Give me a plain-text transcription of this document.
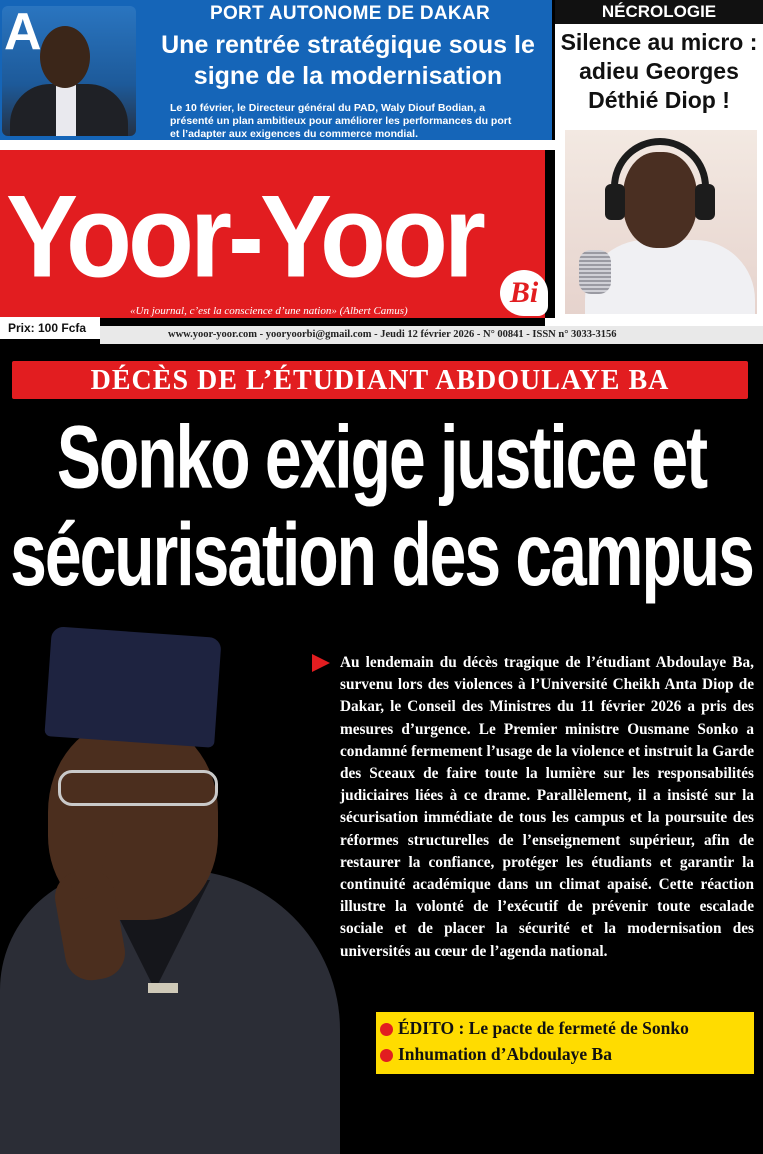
A	PORT AUTONOME DE DAKAR
Une rentrée stratégique sous le signe de la modernisation
Le 10 février, le Directeur général du PAD, Waly Diouf Bodian, a présenté un plan ambitieux pour améliorer les performances du port et l’adapter aux exigences du commerce mondial.
NÉCROLOGIE
Silence au micro : adieu Georges Déthié Diop !
Yoor-Yoor Bi
«Un journal, c’est la conscience d’une nation» (Albert Camus)
www.yoor-yoor.com - yooryoorbi@gmail.com - Jeudi 12 février 2026 - N° 00841 - ISSN n° 3033-3156
Prix: 100 Fcfa
DÉCÈS DE L’ÉTUDIANT ABDOULAYE BA
Sonko exige justice et sécurisation des campus
Au lendemain du décès tragique de l’étudiant Abdoulaye Ba, survenu lors des violences à l’Université Cheikh Anta Diop de Dakar, le Conseil des Ministres du 11 février 2026 a pris des mesures d’urgence. Le Premier ministre Ousmane Sonko a condamné fermement l’usage de la violence et instruit la Garde des Sceaux de faire toute la lumière sur les responsabilités judiciaires liées à ce drame. Parallèlement, il a insisté sur la sécurisation immédiate de tous les campus et la poursuite des réformes structurelles de l’enseignement supérieur, afin de restaurer la confiance, protéger les étudiants et garantir la continuité académique dans un climat apaisé. Cette réaction illustre la volonté de l’exécutif de prévenir toute escalade sociale et de placer la sécurité et la modernisation des universités au cœur de l’agenda national.
ÉDITO : Le pacte de fermeté de Sonko
Inhumation d’Abdoulaye Ba
